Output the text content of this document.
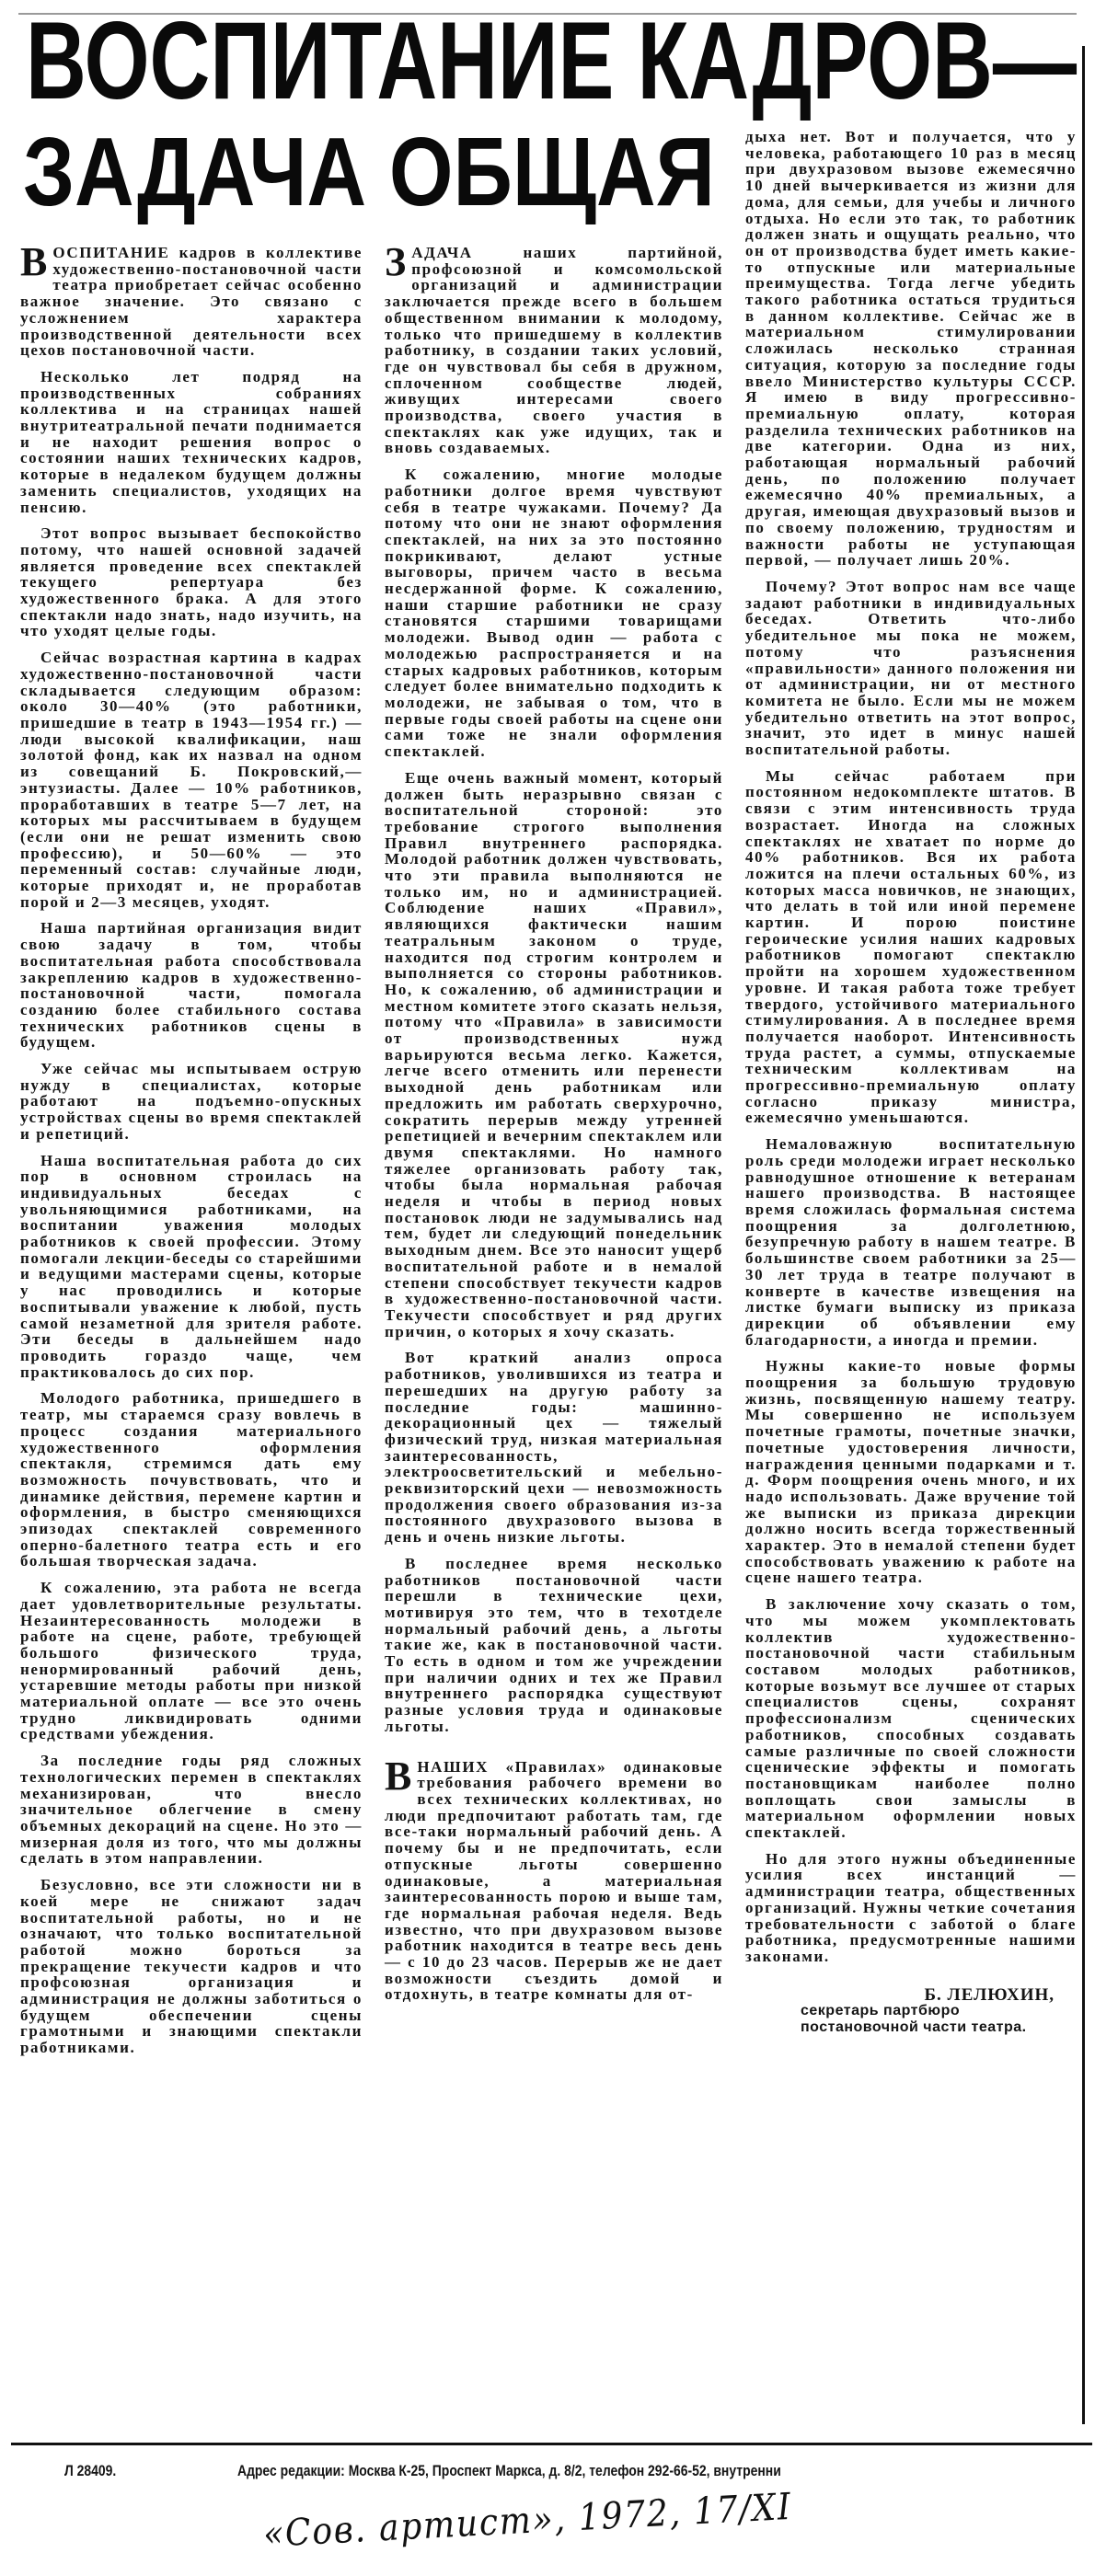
ВОСПИТАНИЕ КАДРОВ—
ЗАДАЧА ОБЩАЯ

ВОСПИТАНИЕ кадров в коллективе художественно-постановочной части театра приобретает сейчас особенно важное значение. Это связано с усложнением характера производственной деятельности всех цехов постановочной части.

Несколько лет подряд на производственных собраниях коллектива и на страницах нашей внутритеатральной печати поднимается и не находит решения вопрос о состоянии наших технических кадров, которые в недалеком будущем должны заменить специалистов, уходящих на пенсию.

Этот вопрос вызывает беспокойство потому, что нашей основной задачей является проведение всех спектаклей текущего репертуара без художественного брака. А для этого спектакли надо знать, надо изучить, на что уходят целые годы.

Сейчас возрастная картина в кадрах художественно-постановочной части складывается следующим образом: около 30—40% (это работники, пришедшие в театр в 1943—1954 гг.) — люди высокой квалификации, наш золотой фонд, как их назвал на одном из совещаний Б. Покровский,—энтузиасты. Далее — 10% работников, проработавших в театре 5—7 лет, на которых мы рассчитываем в будущем (если они не решат изменить свою профессию), и 50—60% — это переменный состав: случайные люди, которые приходят и, не проработав порой и 2—3 месяцев, уходят.

Наша партийная организация видит свою задачу в том, чтобы воспитательная работа способствовала закреплению кадров в художественно-постановочной части, помогала созданию более стабильного состава технических работников сцены в будущем.

Уже сейчас мы испытываем острую нужду в специалистах, которые работают на подъемно-опускных устройствах сцены во время спектаклей и репетиций.

Наша воспитательная работа до сих пор в основном строилась на индивидуальных беседах с увольняющимися работниками, на воспитании уважения молодых работников к своей профессии. Этому помогали лекции-беседы со старейшими и ведущими мастерами сцены, которые у нас проводились и которые воспитывали уважение к любой, пусть самой незаметной для зрителя работе. Эти беседы в дальнейшем надо проводить гораздо чаще, чем практиковалось до сих пор.

Молодого работника, пришедшего в театр, мы стараемся сразу вовлечь в процесс создания материального художественного оформления спектакля, стремимся дать ему возможность почувствовать, что и динамике действия, перемене картин и оформления, в быстро сменяющихся эпизодах спектаклей современного оперно-балетного театра есть и его большая творческая задача.

К сожалению, эта работа не всегда дает удовлетворительные результаты. Незаинтересованность молодежи в работе на сцене, работе, требующей большого физического труда, ненормированный рабочий день, устаревшие методы работы при низкой материальной оплате — все это очень трудно ликвидировать одними средствами убеждения.

За последние годы ряд сложных технологических перемен в спектаклях механизирован, что внесло значительное облегчение в смену объемных декораций на сцене. Но это — мизерная доля из того, что мы должны сделать в этом направлении.

Безусловно, все эти сложности ни в коей мере не снижают задач воспитательной работы, но и не означают, что только воспитательной работой можно бороться за прекращение текучести кадров и что профсоюзная организация и администрация не должны заботиться о будущем обеспечении сцены грамотными и знающими спектакли работниками.

ЗАДАЧА наших партийной, профсоюзной и комсомольской организаций и администрации заключается прежде всего в большем общественном внимании к молодому, только что пришедшему в коллектив работнику, в создании таких условий, где он чувствовал бы себя в дружном, сплоченном сообществе людей, живущих интересами своего производства, своего участия в спектаклях как уже идущих, так и вновь создаваемых.

К сожалению, многие молодые работники долгое время чувствуют себя в театре чужаками. Почему? Да потому что они не знают оформления спектаклей, на них за это постоянно покрикивают, делают устные выговоры, причем часто в весьма несдержанной форме. К сожалению, наши старшие работники не сразу становятся старшими товарищами молодежи. Вывод один — работа с молодежью распространяется и на старых кадровых работников, которым следует более внимательно подходить к молодежи, не забывая о том, что в первые годы своей работы на сцене они сами тоже не знали оформления спектаклей.

Еще очень важный момент, который должен быть неразрывно связан с воспитательной стороной: это требование строгого выполнения Правил внутреннего распорядка. Молодой работник должен чувствовать, что эти правила выполняются не только им, но и администрацией. Соблюдение наших «Правил», являющихся фактически нашим театральным законом о труде, находится под строгим контролем и выполняется со стороны работников. Но, к сожалению, об администрации и местном комитете этого сказать нельзя, потому что «Правила» в зависимости от производственных нужд варьируются весьма легко. Кажется, легче всего отменить или перенести выходной день работникам или предложить им работать сверхурочно, сократить перерыв между утренней репетицией и вечерним спектаклем или двумя спектаклями. Но намного тяжелее организовать работу так, чтобы была нормальная рабочая неделя и чтобы в период новых постановок люди не задумывались над тем, будет ли следующий понедельник выходным днем. Все это наносит ущерб воспитательной работе и в немалой степени способствует текучести кадров в художественно-постановочной части. Текучести способствует и ряд других причин, о которых я хочу сказать.

Вот краткий анализ опроса работников, уволившихся из театра и перешедших на другую работу за последние годы: машинно-декорационный цех — тяжелый физический труд, низкая материальная заинтересованность, электроосветительский и мебельно-реквизиторский цехи — невозможность продолжения своего образования из-за постоянного двухразового вызова в день и очень низкие льготы.

В последнее время несколько работников постановочной части перешли в технические цехи, мотивируя это тем, что в техотделе нормальный рабочий день, а льготы такие же, как в постановочной части. То есть в одном и том же учреждении при наличии одних и тех же Правил внутреннего распорядка существуют разные условия труда и одинаковые льготы.

ВНАШИХ «Правилах» одинаковые требования рабочего времени во всех технических коллективах, но люди предпочитают работать там, где все-таки нормальный рабочий день. А почему бы и не предпочитать, если отпускные льготы совершенно одинаковые, а материальная заинтересованность порою и выше там, где нормальная рабочая неделя. Ведь известно, что при двухразовом вызове работник находится в театре весь день — с 10 до 23 часов. Перерыв же не дает возможности съездить домой и отдохнуть, в театре комнаты для от-

дыха нет. Вот и получается, что у человека, работающего 10 раз в месяц при двухразовом вызове ежемесячно 10 дней вычеркивается из жизни для дома, для семьи, для учебы и личного отдыха. Но если это так, то работник должен знать и ощущать реально, что он от производства будет иметь какие-то отпускные или материальные преимущества. Тогда легче убедить такого работника остаться трудиться в данном коллективе. Сейчас же в материальном стимулировании сложилась несколько странная ситуация, которую за последние годы ввело Министерство культуры СССР. Я имею в виду прогрессивно-премиальную оплату, которая разделила технических работников на две категории. Одна из них, работающая нормальный рабочий день, по положению получает ежемесячно 40% премиальных, а другая, имеющая двухразовый вызов и по своему положению, трудностям и важности работы не уступающая первой, — получает лишь 20%.

Почему? Этот вопрос нам все чаще задают работники в индивидуальных беседах. Ответить что-либо убедительное мы пока не можем, потому что разъяснения «правильности» данного положения ни от администрации, ни от местного комитета не было. Если мы не можем убедительно ответить на этот вопрос, значит, это идет в минус нашей воспитательной работы.

Мы сейчас работаем при постоянном недокомплекте штатов. В связи с этим интенсивность труда возрастает. Иногда на сложных спектаклях не хватает по норме до 40% работников. Вся их работа ложится на плечи остальных 60%, из которых масса новичков, не знающих, что делать в той или иной перемене картин. И порою поистине героические усилия наших кадровых работников помогают спектаклю пройти на хорошем художественном уровне. И такая работа тоже требует твердого, устойчивого материального стимулирования. А в последнее время получается наоборот. Интенсивность труда растет, а суммы, отпускаемые техническим коллективам на прогрессивно-премиальную оплату согласно приказу министра, ежемесячно уменьшаются.

Немаловажную воспитательную роль среди молодежи играет несколько равнодушное отношение к ветеранам нашего производства. В настоящее время сложилась формальная система поощрения за долголетнюю, безупречную работу в нашем театре. В большинстве своем работники за 25—30 лет труда в театре получают в конверте в качестве извещения на листке бумаги выписку из приказа дирекции об объявлении ему благодарности, а иногда и премии.

Нужны какие-то новые формы поощрения за большую трудовую жизнь, посвященную нашему театру. Мы совершенно не используем почетные грамоты, почетные значки, почетные удостоверения личности, награждения ценными подарками и т. д. Форм поощрения очень много, и их надо использовать. Даже вручение той же выписки из приказа дирекции должно носить всегда торжественный характер. Это в немалой степени будет способствовать уважению к работе на сцене нашего театра.

В заключение хочу сказать о том, что мы можем укомплектовать коллектив художественно-постановочной части стабильным составом молодых работников, которые возьмут все лучшее от старых специалистов сцены, сохранят профессионализм сценических работников, способных создавать самые различные по своей сложности сценические эффекты и помогать постановщикам наиболее полно воплощать свои замыслы в материальном оформлении новых спектаклей.

Но для этого нужны объединенные усилия всех инстанций — администрации театра, общественных организаций. Нужны четкие сочетания требовательности с заботой о благе работника, предусмотренные нашими законами.

Б. ЛЕЛЮХИН,
секретарь партбюро постановочной части театра.
Л 28409.	Адрес редакции: Москва К-25, Проспект Маркса, д. 8/2, телефон 292-66-52, внутренни
«Сов. артист», 1972, 17/XI
